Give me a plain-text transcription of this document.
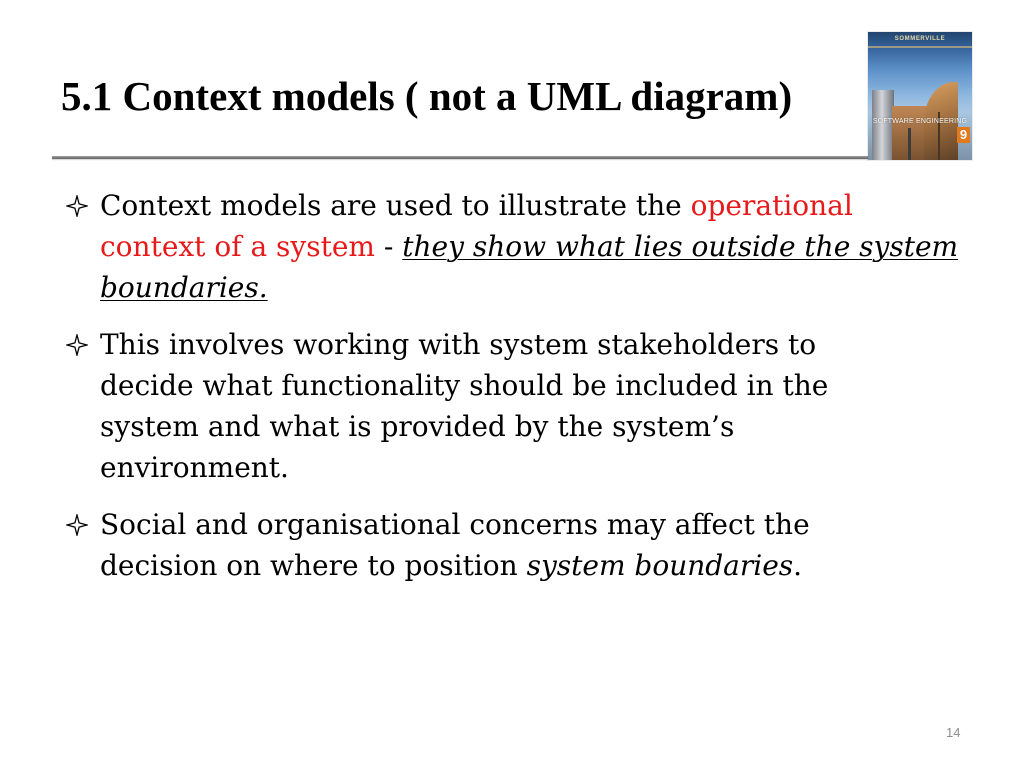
5.1 Context models ( not a UML diagram)
SOMMERVILLE
SOFTWARE ENGINEERING
9
Context models are used to illustrate the operational
context of a system - they show what lies outside the system
boundaries.
This involves working with system stakeholders to
decide what functionality should be included in the
system and what is provided by the system’s
environment.
Social and organisational concerns may affect the
decision on where to position system boundaries.
14
